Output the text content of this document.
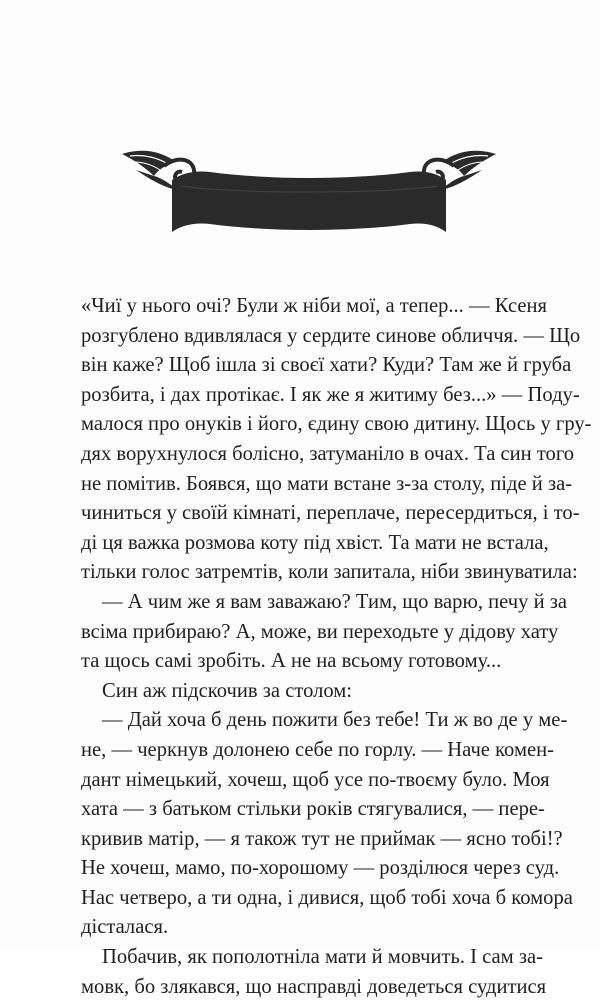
«Чиї у нього очі? Були ж ніби мої, а тепер... — Ксеня
розгублено вдивлялася у сердите синове обличчя. — Що
він каже? Щоб ішла зі своєї хати? Куди? Там же й груба
розбита, і дах протікає. І як же я житиму без...» — Поду-
малося про онуків і його, єдину свою дитину. Щось у гру-
дях ворухнулося болісно, затуманіло в очах. Та син того
не помітив. Боявся, що мати встане з-за столу, піде й за-
чиниться у своїй кімнаті, переплаче, пересердиться, і то-
ді ця важка розмова коту під хвіст. Та мати не встала,
тільки голос затремтів, коли запитала, ніби звинуватила:
— А чим же я вам заважаю? Тим, що варю, печу й за
всіма прибираю? А, може, ви переходьте у дідову хату
та щось самі зробіть. А не на всьому готовому...
Син аж підскочив за столом:
— Дай хоча б день пожити без тебе! Ти ж во де у ме-
не, — черкнув долонею себе по горлу. — Наче комен-
дант німецький, хочеш, щоб усе по-твоєму було. Моя
хата — з батьком стільки років стягувалися, — пере-
кривив матір, — я також тут не приймак — ясно тобі!?
Не хочеш, мамо, по-хорошому — розділюся через суд.
Нас четверо, а ти одна, і дивися, щоб тобі хоча б комора
дісталася.
Побачив, як пополотніла мати й мовчить. І сам за-
мовк, бо злякався, що насправді доведеться судитися
